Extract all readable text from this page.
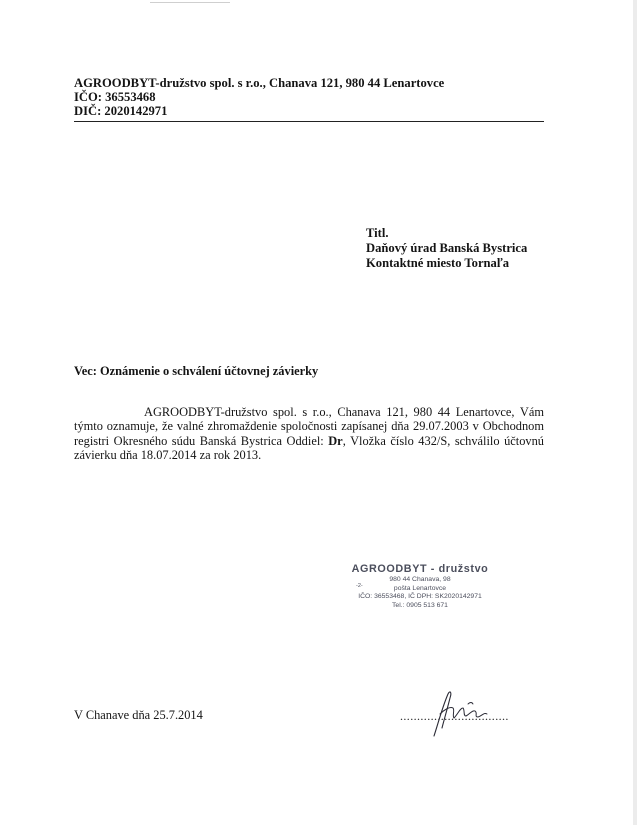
AGROODBYT-družstvo spol. s r.o., Chanava 121, 980 44 Lenartovce
IČO: 36553468
DIČ: 2020142971
Titl.
Daňový úrad Banská Bystrica
Kontaktné miesto Tornaľa
Vec: Oznámenie o schválení účtovnej závierky
AGROODBYT-družstvo spol. s r.o., Chanava 121, 980 44 Lenartovce, Vám
týmto oznamuje, že valné zhromaždenie spoločnosti zapísanej dňa 29.07.2003 v Obchodnom
registri Okresného súdu Banská Bystrica Oddiel: Dr, Vložka číslo 432/S, schválilo účtovnú
závierku dňa 18.07.2014 za rok 2013.
AGROODBYT - družstvo
-2-
980 44 Chanava, 98
pošta Lenartovce
IČO: 36553468, IČ DPH: SK2020142971
Tel.: 0905 513 671
V Chanave dňa 25.7.2014	................................
